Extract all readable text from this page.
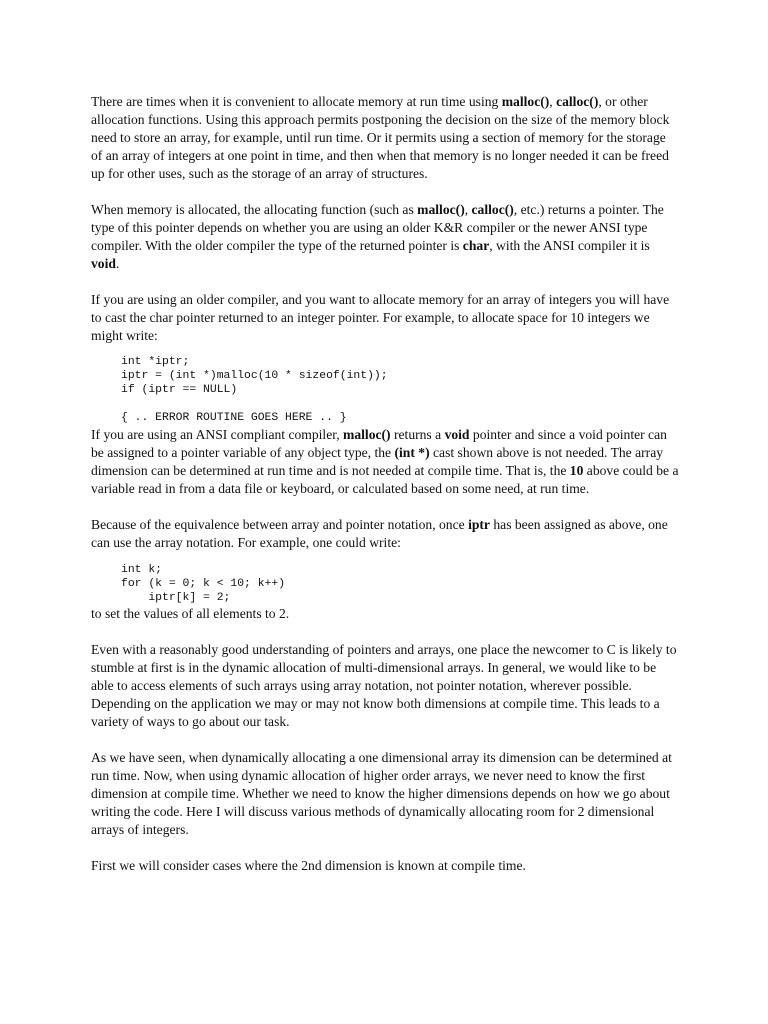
There are times when it is convenient to allocate memory at run time using malloc(), calloc(), or other allocation functions. Using this approach permits postponing the decision on the size of the memory block need to store an array, for example, until run time. Or it permits using a section of memory for the storage of an array of integers at one point in time, and then when that memory is no longer needed it can be freed up for other uses, such as the storage of an array of structures.

When memory is allocated, the allocating function (such as malloc(), calloc(), etc.) returns a pointer. The type of this pointer depends on whether you are using an older K&R compiler or the newer ANSI type compiler. With the older compiler the type of the returned pointer is char, with the ANSI compiler it is void.

If you are using an older compiler, and you want to allocate memory for an array of integers you will have to cast the char pointer returned to an integer pointer. For example, to allocate space for 10 integers we might write:

int *iptr;
iptr = (int *)malloc(10 * sizeof(int));
if (iptr == NULL)

{ .. ERROR ROUTINE GOES HERE .. }

If you are using an ANSI compliant compiler, malloc() returns a void pointer and since a void pointer can be assigned to a pointer variable of any object type, the (int *) cast shown above is not needed. The array dimension can be determined at run time and is not needed at compile time. That is, the 10 above could be a variable read in from a data file or keyboard, or calculated based on some need, at run time.

Because of the equivalence between array and pointer notation, once iptr has been assigned as above, one can use the array notation. For example, one could write:

int k;
for (k = 0; k < 10; k++)
iptr[k] = 2;

to set the values of all elements to 2.

Even with a reasonably good understanding of pointers and arrays, one place the newcomer to C is likely to stumble at first is in the dynamic allocation of multi-dimensional arrays. In general, we would like to be able to access elements of such arrays using array notation, not pointer notation, wherever possible. Depending on the application we may or may not know both dimensions at compile time. This leads to a variety of ways to go about our task.

As we have seen, when dynamically allocating a one dimensional array its dimension can be determined at run time. Now, when using dynamic allocation of higher order arrays, we never need to know the first dimension at compile time. Whether we need to know the higher dimensions depends on how we go about writing the code. Here I will discuss various methods of dynamically allocating room for 2 dimensional arrays of integers.

First we will consider cases where the 2nd dimension is known at compile time.
